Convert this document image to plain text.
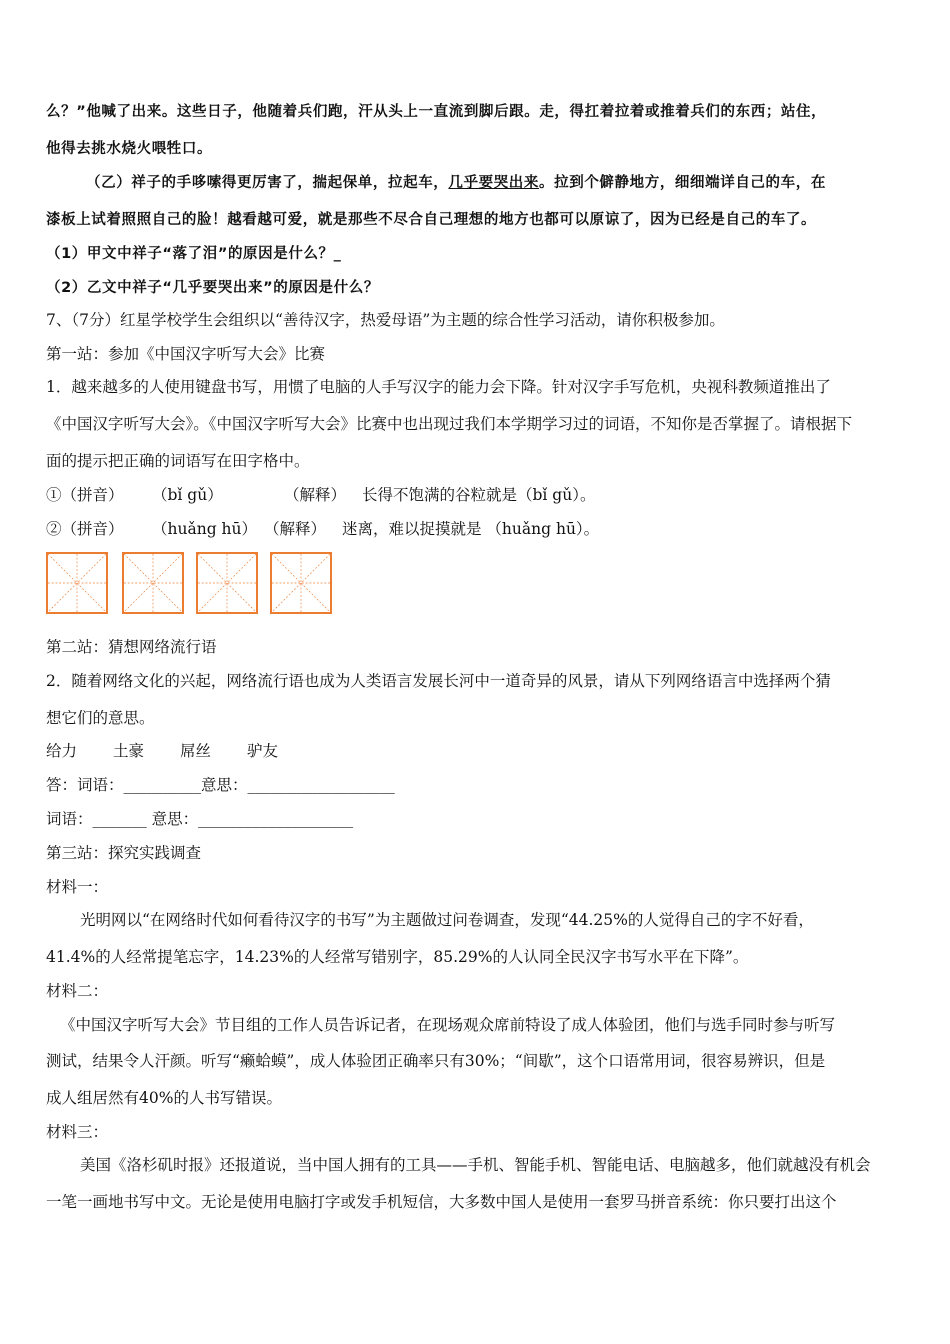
么？”他喊了出来。这些日子，他随着兵们跑，汗从头上一直流到脚后跟。走，得扛着拉着或推着兵们的东西；站住，
他得去挑水烧火喂牲口。
（乙）祥子的手哆嗦得更厉害了，揣起保单，拉起车，几乎要哭出来。拉到个僻静地方，细细端详自己的车，在
漆板上试着照照自己的脸！越看越可爱，就是那些不尽合自己理想的地方也都可以原谅了，因为已经是自己的车了。
（1）甲文中祥子“落了泪”的原因是什么？_
（2）乙文中祥子“几乎要哭出来”的原因是什么？
7、（7分）红星学校学生会组织以“善待汉字，热爱母语”为主题的综合性学习活动，请你积极参加。
第一站：参加《中国汉字听写大会》比赛
1．越来越多的人使用键盘书写，用惯了电脑的人手写汉字的能力会下降。针对汉字手写危机，央视科教频道推出了
《中国汉字听写大会》。《中国汉字听写大会》比赛中也出现过我们本学期学习过的词语，不知你是否掌握了。请根据下
面的提示把正确的词语写在田字格中。
①（拼音） （bǐ gǔ）	（解释） 长得不饱满的谷粒就是（bǐ gǔ）。
②（拼音） （huǎng hū） （解释） 迷离，难以捉摸就是 （huǎng hū）。
第二站：猜想网络流行语
2．随着网络文化的兴起，网络流行语也成为人类语言发展长河中一道奇异的风景，请从下列网络语言中选择两个猜
想它们的意思。
给力 土豪 屌丝 驴友
答：词语：__________意思：___________________
词语：_______ 意思：____________________
第三站：探究实践调查
材料一：
光明网以“在网络时代如何看待汉字的书写”为主题做过问卷调查，发现“44.25%的人觉得自己的字不好看，
41.4%的人经常提笔忘字，14.23%的人经常写错别字，85.29%的人认同全民汉字书写水平在下降”。
材料二：
《中国汉字听写大会》节目组的工作人员告诉记者，在现场观众席前特设了成人体验团，他们与选手同时参与听写
测试，结果令人汗颜。听写“癞蛤蟆”，成人体验团正确率只有30%；“间歇”，这个口语常用词，很容易辨识，但是
成人组居然有40%的人书写错误。
材料三：
美国《洛杉矶时报》还报道说，当中国人拥有的工具——手机、智能手机、智能电话、电脑越多，他们就越没有机会
一笔一画地书写中文。无论是使用电脑打字或发手机短信，大多数中国人是使用一套罗马拼音系统：你只要打出这个
